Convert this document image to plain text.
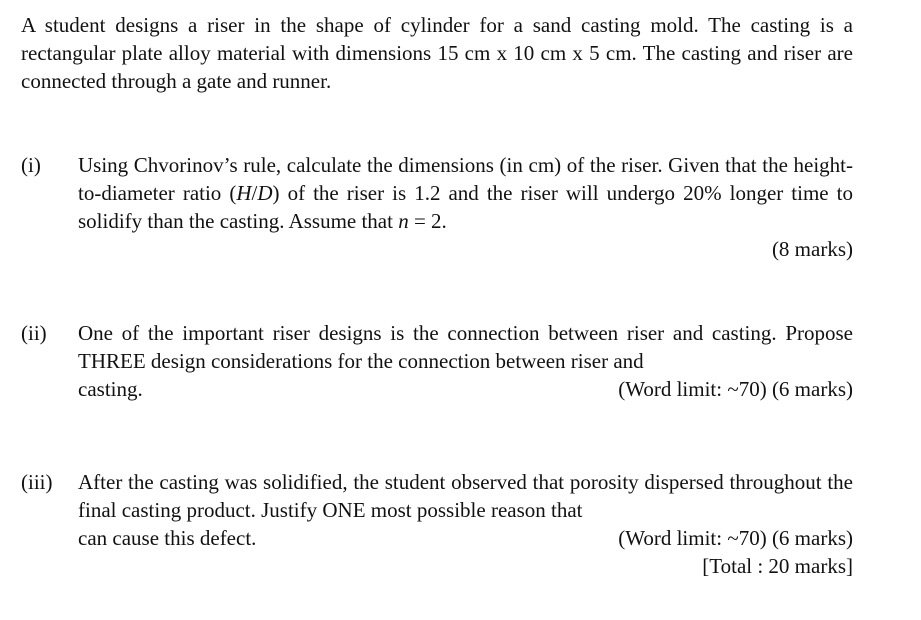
A student designs a riser in the shape of cylinder for a sand casting mold. The casting is a rectangular plate alloy material with dimensions 15 cm x 10 cm x 5 cm. The casting and riser are connected through a gate and runner.
(i) Using Chvorinov’s rule, calculate the dimensions (in cm) of the riser. Given that the height-to-diameter ratio (H/D) of the riser is 1.2 and the riser will undergo 20% longer time to solidify than the casting. Assume that n = 2.
(8 marks)
(ii) One of the important riser designs is the connection between riser and casting. Propose THREE design considerations for the connection between riser and
casting.	(Word limit: ~70) (6 marks)
(iii) After the casting was solidified, the student observed that porosity dispersed throughout the final casting product. Justify ONE most possible reason that
can cause this defect.	(Word limit: ~70) (6 marks)
[Total : 20 marks]
